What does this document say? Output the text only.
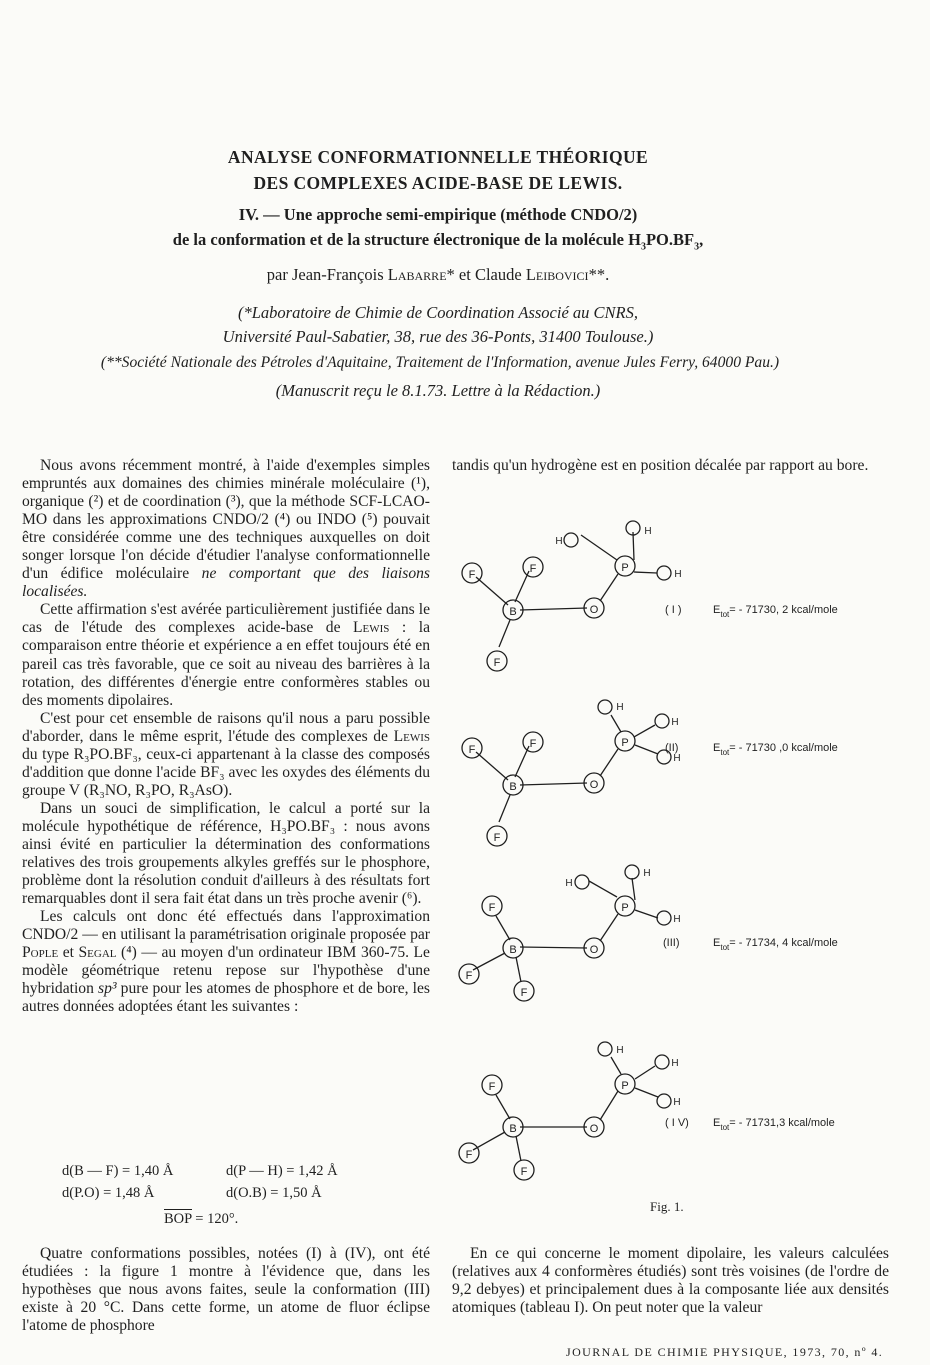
ANALYSE CONFORMATIONNELLE THÉORIQUE
DES COMPLEXES ACIDE-BASE DE LEWIS.
IV. — Une approche semi-empirique (méthode CNDO/2)
de la conformation et de la structure électronique de la molécule $H_3PO.BF_3$,
par Jean-François Labarre* et Claude Leibovici**.
(*Laboratoire de Chimie de Coordination Associé au CNRS,
Université Paul-Sabatier, 38, rue des 36-Ponts, 31400 Toulouse.)
(**Société Nationale des Pétroles d'Aquitaine, Traitement de l'Information, avenue Jules Ferry, 64000 Pau.)
(Manuscrit reçu le 8.1.73. Lettre à la Rédaction.)

Nous avons récemment montré, à l'aide d'exemples simples empruntés aux domaines des chimies minérale moléculaire (¹), organique (²) et de coordination (³), que la méthode SCF-LCAO-MO dans les approximations CNDO/2 (⁴) ou INDO (⁵) pouvait être considérée comme une des techniques auxquelles on doit songer lorsque l'on décide d'étudier l'analyse conformationnelle d'un édifice moléculaire ne comportant que des liaisons localisées.

Cette affirmation s'est avérée particulièrement justifiée dans le cas de l'étude des complexes acide-base de Lewis : la comparaison entre théorie et expérience a en effet toujours été en pareil cas très favorable, que ce soit au niveau des barrières à la rotation, des différentes d'énergie entre conformères stables ou des moments dipolaires.

C'est pour cet ensemble de raisons qu'il nous a paru possible d'aborder, dans le même esprit, l'étude des complexes de Lewis du type R₃PO.BF₃, ceux-ci appartenant à la classe des composés d'addition que donne l'acide BF₃ avec les oxydes des éléments du groupe V (R₃NO, R₃PO, R₃AsO).

Dans un souci de simplification, le calcul a porté sur la molécule hypothétique de référence, H₃PO.BF₃ : nous avons ainsi évité en particulier la détermination des conformations relatives des trois groupements alkyles greffés sur le phosphore, problème dont la résolution conduit d'ailleurs à des résultats fort remarquables dont il sera fait état dans un très proche avenir (⁶).

Les calculs ont donc été effectués dans l'approximation CNDO/2 — en utilisant la paramétrisation originale proposée par Pople et Segal (⁴) — au moyen d'un ordinateur IBM 360-75. Le modèle géométrique retenu repose sur l'hypothèse d'une hybridation sp³ pure pour les atomes de phosphore et de bore, les autres données adoptées étant les suivantes :

d(B — F) = 1,40 Å	d(P — H) = 1,42 Å
d(P.O) = 1,48 Å	d(O.B) = 1,50 Å
BOP = 120°.

Quatre conformations possibles, notées (I) à (IV), ont été étudiées : la figure 1 montre à l'évidence que, dans les hypothèses que nous avons faites, seule la conformation (III) existe à 20 °C. Dans cette forme, un atome de fluor éclipse l'atome de phosphore

tandis qu'un hydrogène est en position décalée par rapport au bore.

F	F
B
F
O
P
H
H
H
( I )	$E_{tot}= - 71730$, 2 kcal/mole
F	F
B
F
O
P
H
H
H
(II)	$E_{tot}= - 71730$ ,0 kcal/mole
F
B
F
F
O
P
H
H
H
(III)	$E_{tot}= - 71734$, 4 kcal/mole
F
B
F
F
O
P
H
H
H
( I V) $E_{tot}= - 71731,3$ kcal/mole
Fig. 1.

En ce qui concerne le moment dipolaire, les valeurs calculées (relatives aux 4 conformères étudiés) sont très voisines (de l'ordre de 9,2 debyes) et principalement dues à la composante liée aux densités atomiques (tableau I). On peut noter que la valeur

JOURNAL DE CHIMIE PHYSIQUE, 1973, 70, nº 4.
